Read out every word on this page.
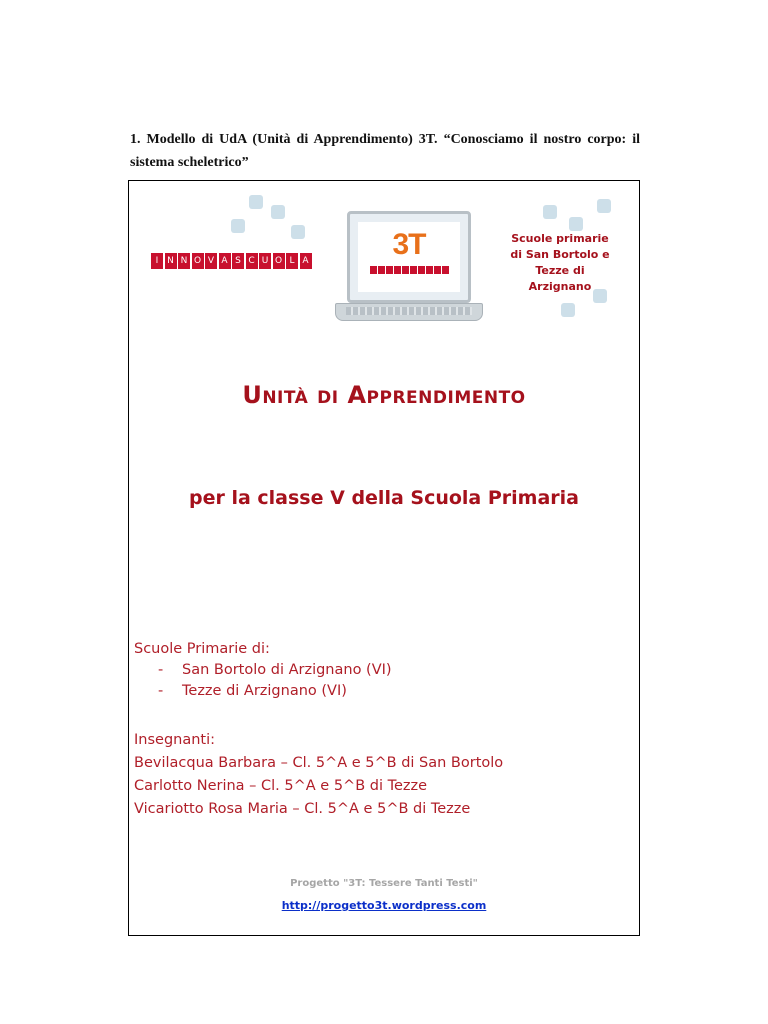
1. Modello di UdA (Unità di Apprendimento) 3T. “Conosciamo il nostro corpo: il sistema scheletrico”
I N N O V A S C U O L A	3T	Scuole primarie
di San Bortolo e
Tezze di Arzignano
Unità di Apprendimento
per la classe V della Scuola Primaria
Scuole Primarie di:
- San Bortolo di Arzignano (VI)
- Tezze di Arzignano (VI)
Insegnanti:
Bevilacqua Barbara – Cl. 5^A e 5^B di San Bortolo
Carlotto Nerina – Cl. 5^A e 5^B di Tezze
Vicariotto Rosa Maria – Cl. 5^A e 5^B di Tezze
Progetto "3T: Tessere Tanti Testi"
http://progetto3t.wordpress.com
